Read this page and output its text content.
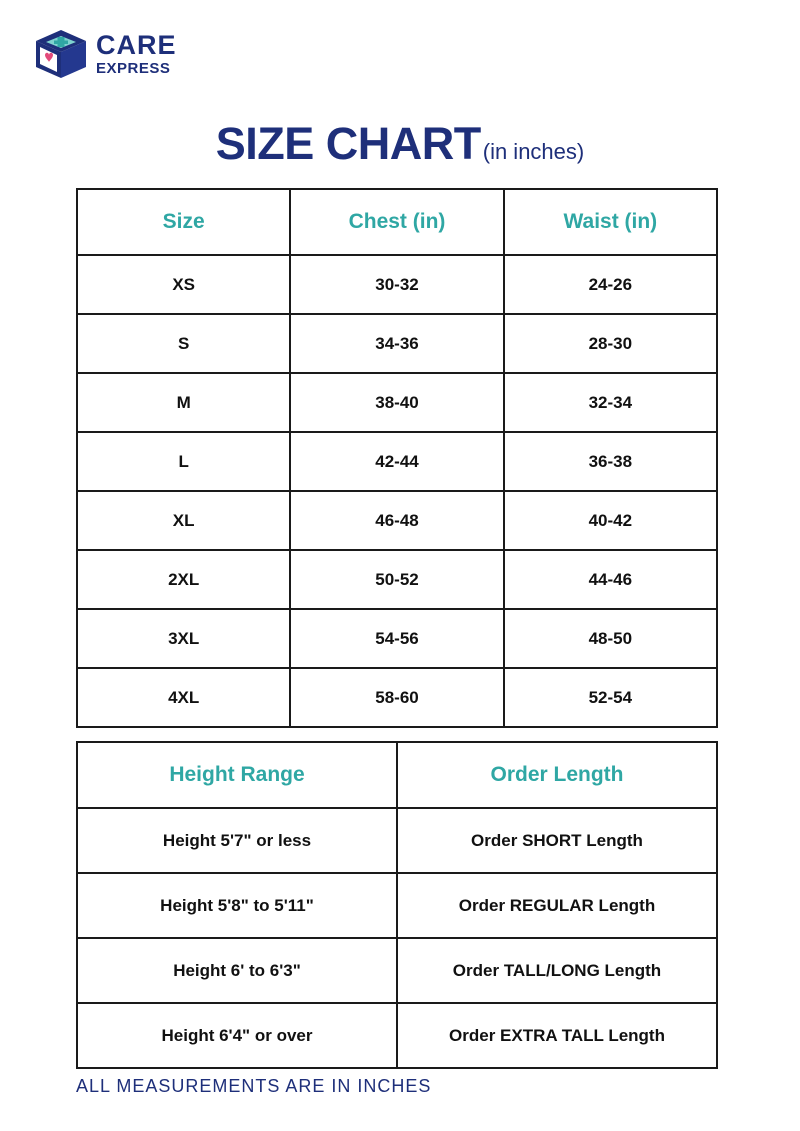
CARE
EXPRESS
SIZE CHART(in inches)
Size	Chest (in)	Waist (in)
XS	30-32	24-26
S	34-36	28-30
M	38-40	32-34
L	42-44	36-38
XL	46-48	40-42
2XL	50-52	44-46
3XL	54-56	48-50
4XL	58-60	52-54
Height Range	Order Length
Height 5'7" or less	Order SHORT Length
Height 5'8" to 5'11"	Order REGULAR Length
Height 6' to 6'3"	Order TALL/LONG Length
Height 6'4" or over	Order EXTRA TALL Length
ALL MEASUREMENTS ARE IN INCHES
